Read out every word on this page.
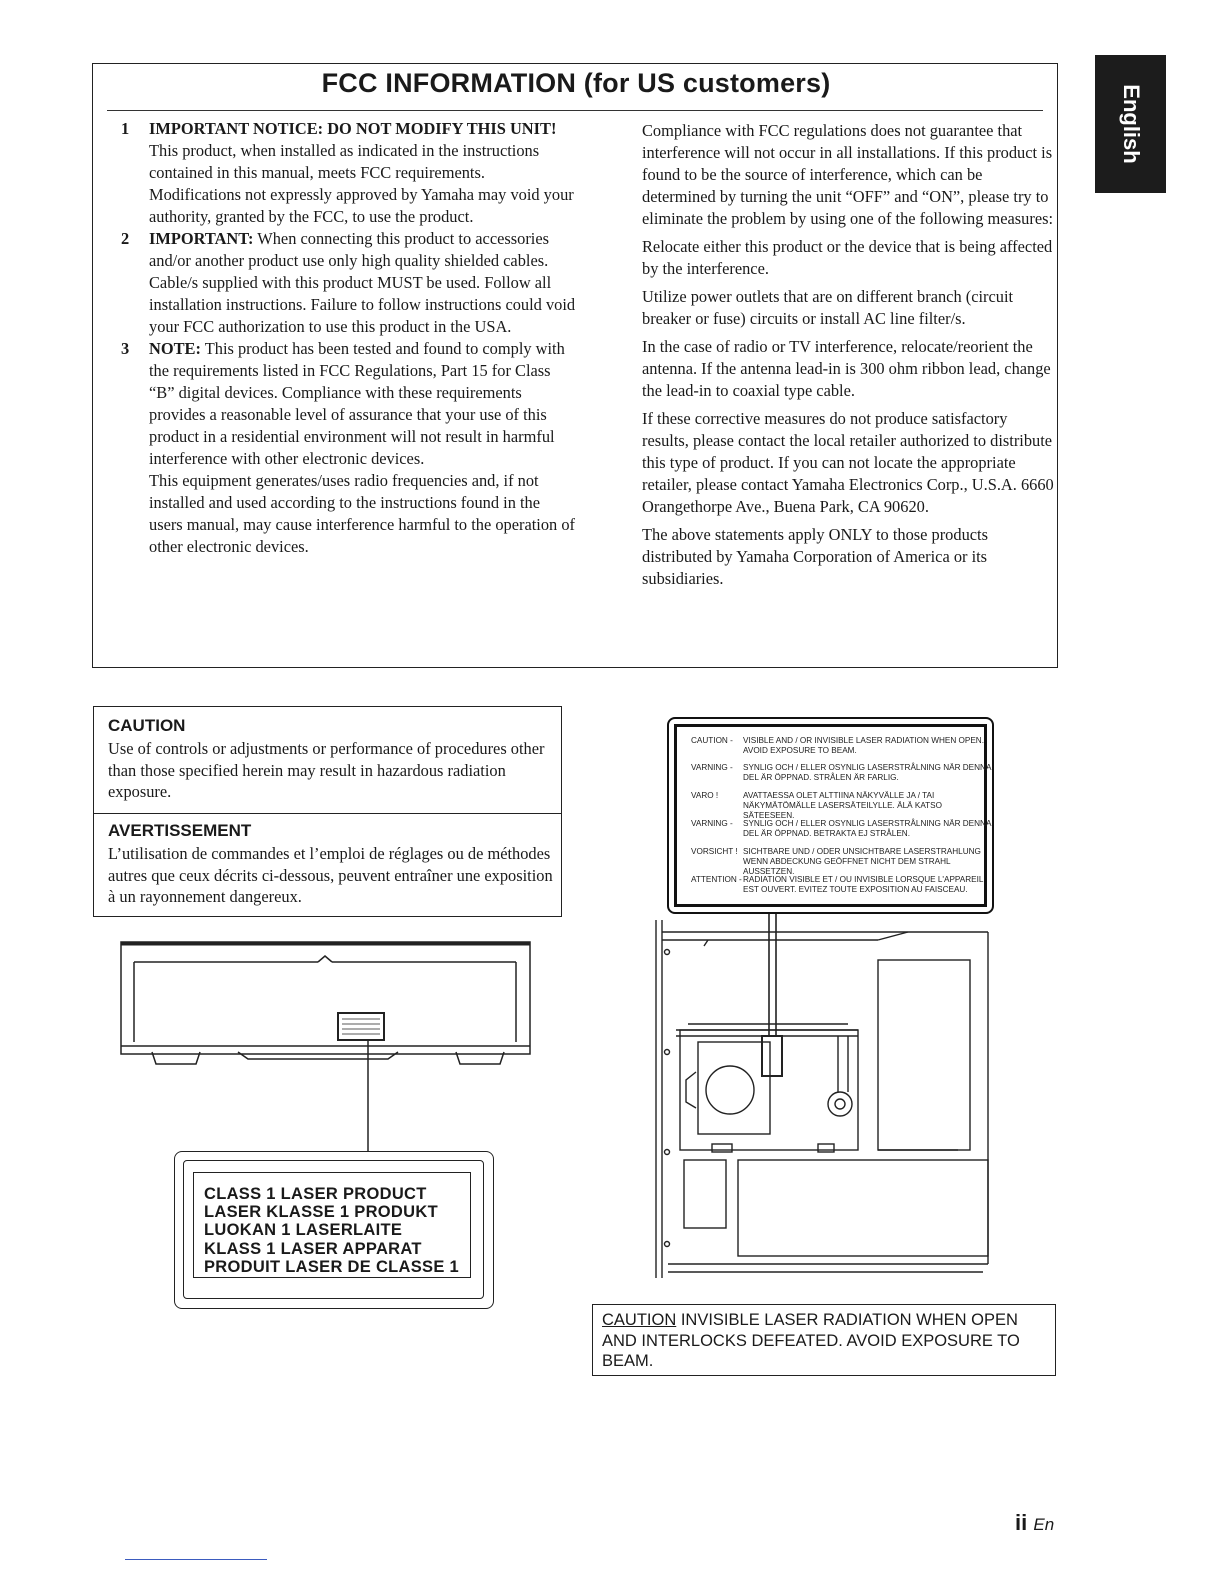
FCC INFORMATION (for US customers)
1 IMPORTANT NOTICE: DO NOT MODIFY THIS UNIT!
This product, when installed as indicated in the instructions contained in this manual, meets FCC requirements. Modifications not expressly approved by Yamaha may void your authority, granted by the FCC, to use the product.
2 IMPORTANT: When connecting this product to accessories and/or another product use only high quality shielded cables. Cable/s supplied with this product MUST be used. Follow all installation instructions. Failure to follow instructions could void your FCC authorization to use this product in the USA.
3 NOTE: This product has been tested and found to comply with the requirements listed in FCC Regulations, Part 15 for Class “B” digital devices. Compliance with these requirements provides a reasonable level of assurance that your use of this product in a residential environment will not result in harmful interference with other electronic devices.
This equipment generates/uses radio frequencies and, if not installed and used according to the instructions found in the users manual, may cause interference harmful to the operation of other electronic devices.

Compliance with FCC regulations does not guarantee that interference will not occur in all installations. If this product is found to be the source of interference, which can be determined by turning the unit “OFF” and “ON”, please try to eliminate the problem by using one of the following measures:

Relocate either this product or the device that is being affected by the interference.

Utilize power outlets that are on different branch (circuit breaker or fuse) circuits or install AC line filter/s.

In the case of radio or TV interference, relocate/reorient the antenna. If the antenna lead-in is 300 ohm ribbon lead, change the lead-in to coaxial type cable.

If these corrective measures do not produce satisfactory results, please contact the local retailer authorized to distribute this type of product. If you can not locate the appropriate retailer, please contact Yamaha Electronics Corp., U.S.A. 6660 Orangethorpe Ave., Buena Park, CA 90620.

The above statements apply ONLY to those products distributed by Yamaha Corporation of America or its subsidiaries.

English
CAUTION
Use of controls or adjustments or performance of procedures other than those specified herein may result in hazardous radiation exposure.
AVERTISSEMENT
L’utilisation de commandes et l’emploi de réglages ou de méthodes autres que ceux décrits ci-dessous, peuvent entraîner une exposition à un rayonnement dangereux.
CLASS 1 LASER PRODUCT
LASER KLASSE 1 PRODUKT
LUOKAN 1 LASERLAITE
KLASS 1 LASER APPARAT
PRODUIT LASER DE CLASSE 1
CAUTION -	VISIBLE AND / OR INVISIBLE LASER RADIATION WHEN OPEN. AVOID EXPOSURE TO BEAM.
VARNING -	SYNLIG OCH / ELLER OSYNLIG LASERSTRÅLNING NÄR DENNA DEL ÄR ÖPPNAD. STRÅLEN ÄR FARLIG.
VARO !	AVATTAESSA OLET ALTTIINA NÄKYVÄLLE JA / TAI NÄKYMÄTÖMÄLLE LASERSÄTEILYLLE. ÄLÄ KATSO SÄTEESEEN.
VARNING -	SYNLIG OCH / ELLER OSYNLIG LASERSTRÅLNING NÄR DENNA DEL ÄR ÖPPNAD. BETRAKTA EJ STRÅLEN.
VORSICHT ! SICHTBARE UND / ODER UNSICHTBARE LASERSTRAHLUNG WENN ABDECKUNG GEÖFFNET NICHT DEM STRAHL AUSSETZEN.
ATTENTION - RADIATION VISIBLE ET / OU INVISIBLE LORSQUE L'APPAREIL EST OUVERT. EVITEZ TOUTE EXPOSITION AU FAISCEAU.
CAUTION INVISIBLE LASER RADIATION WHEN OPEN AND INTERLOCKS DEFEATED. AVOID EXPOSURE TO BEAM.
ii En
